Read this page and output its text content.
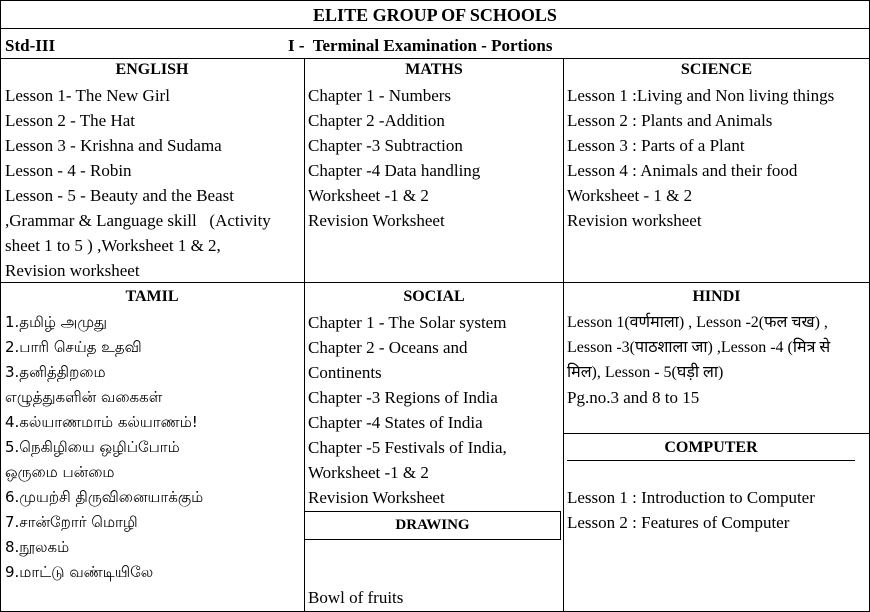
ELITE GROUP OF SCHOOLS
Std-III	I -  Terminal Examination - Portions
ENGLISH
Lesson 1- The New Girl
Lesson 2 - The Hat
Lesson 3 - Krishna and Sudama
Lesson - 4 - Robin
Lesson - 5 - Beauty and the Beast
,Grammar & Language skill   (Activity
sheet 1 to 5 ) ,Worksheet 1 & 2,
Revision worksheet
MATHS
Chapter 1 - Numbers
Chapter 2 -Addition
Chapter -3 Subtraction
Chapter -4 Data handling
Worksheet -1 & 2
Revision Worksheet
SCIENCE
Lesson 1 :Living and Non living things
Lesson 2 : Plants and Animals
Lesson 3 : Parts of a Plant
Lesson 4 : Animals and their food
Worksheet - 1 & 2
Revision worksheet
TAMIL
1.தமிழ் அமுது
2.பாரி செய்த உதவி
3.தனித்திறமை
எழுத்துகளின் வகைகள்
4.கல்யாணமாம் கல்யாணம்!
5.நெகிழியை ஒழிப்போம்
ஒருமை பன்மை
6.முயற்சி திருவினையாக்கும்
7.சான்றோர் மொழி
8.நூலகம்
9.மாட்டு வண்டியிலே
SOCIAL
Chapter 1 - The Solar system
Chapter 2 - Oceans and
Continents
Chapter -3 Regions of India
Chapter -4 States of India
Chapter -5 Festivals of India,
Worksheet -1 & 2
Revision Worksheet
DRAWING
Bowl of fruits
HINDI
Lesson 1(वर्णमाला) , Lesson -2(फल चख) ,
Lesson -3(पाठशाला जा) ,Lesson -4 (मित्र से
मिल), Lesson - 5(घड़ी ला)
Pg.no.3 and 8 to 15
COMPUTER
Lesson 1 : Introduction to Computer
Lesson 2 : Features of Computer
